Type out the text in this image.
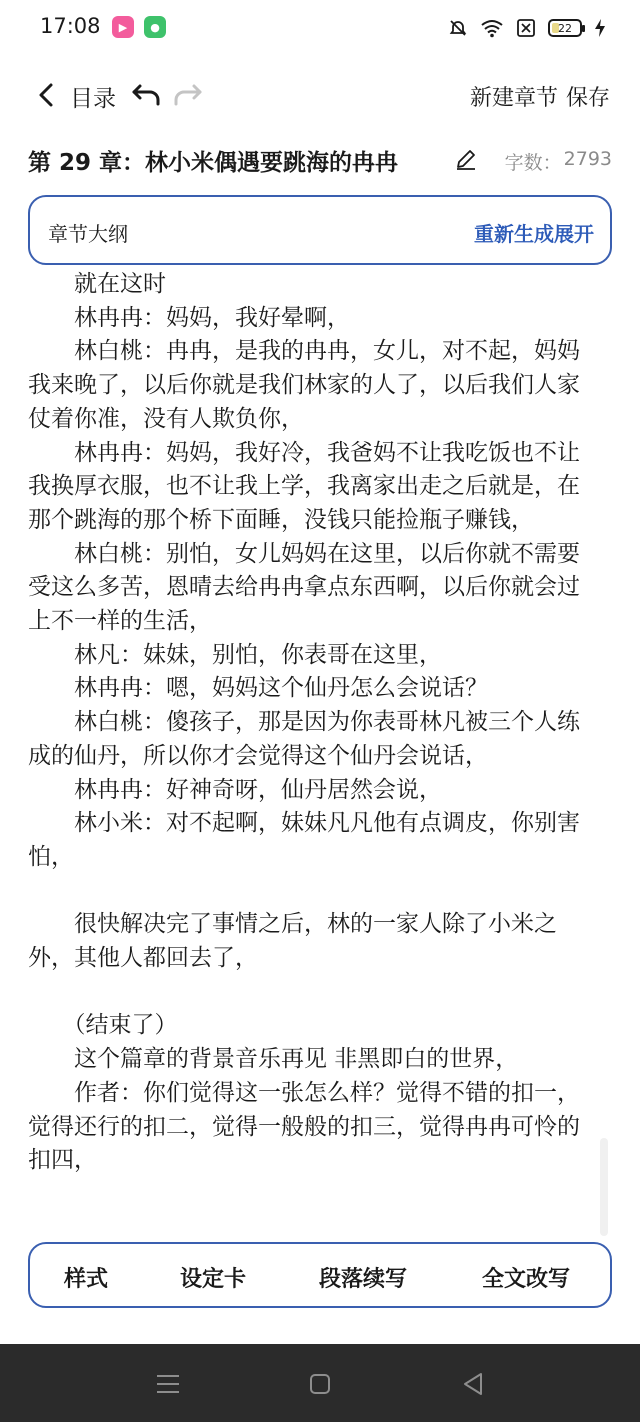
17:08	▶	●	22
目录	新建章节 保存
第 29 章：林小米偶遇要跳海的冉冉	字数： 2793
章节大纲	重新生成 展开

　　就在这时

　　林冉冉：妈妈，我好晕啊，

　　林白桃：冉冉，是我的冉冉，女儿，对不起，妈妈我来晚了，以后你就是我们林家的人了，以后我们人家仗着你准，没有人欺负你，

　　林冉冉：妈妈，我好冷，我爸妈不让我吃饭也不让我换厚衣服，也不让我上学，我离家出走之后就是，在那个跳海的那个桥下面睡，没钱只能捡瓶子赚钱，

　　林白桃：别怕，女儿妈妈在这里，以后你就不需要受这么多苦，恩晴去给冉冉拿点东西啊，以后你就会过上不一样的生活，

　　林凡：妹妹，别怕，你表哥在这里，

　　林冉冉：嗯，妈妈这个仙丹怎么会说话？

　　林白桃：傻孩子，那是因为你表哥林凡被三个人练成的仙丹，所以你才会觉得这个仙丹会说话，

　　林冉冉：好神奇呀，仙丹居然会说，

　　林小米：对不起啊，妹妹凡凡他有点调皮，你别害怕，

　　很快解决完了事情之后，林的一家人除了小米之外，其他人都回去了，

　　（结束了）

　　这个篇章的背景音乐再见 非黑即白的世界，

　　作者：你们觉得这一张怎么样？觉得不错的扣一，觉得还行的扣二，觉得一般般的扣三，觉得冉冉可怜的扣四，

样式	设定卡	段落续写	全文改写
